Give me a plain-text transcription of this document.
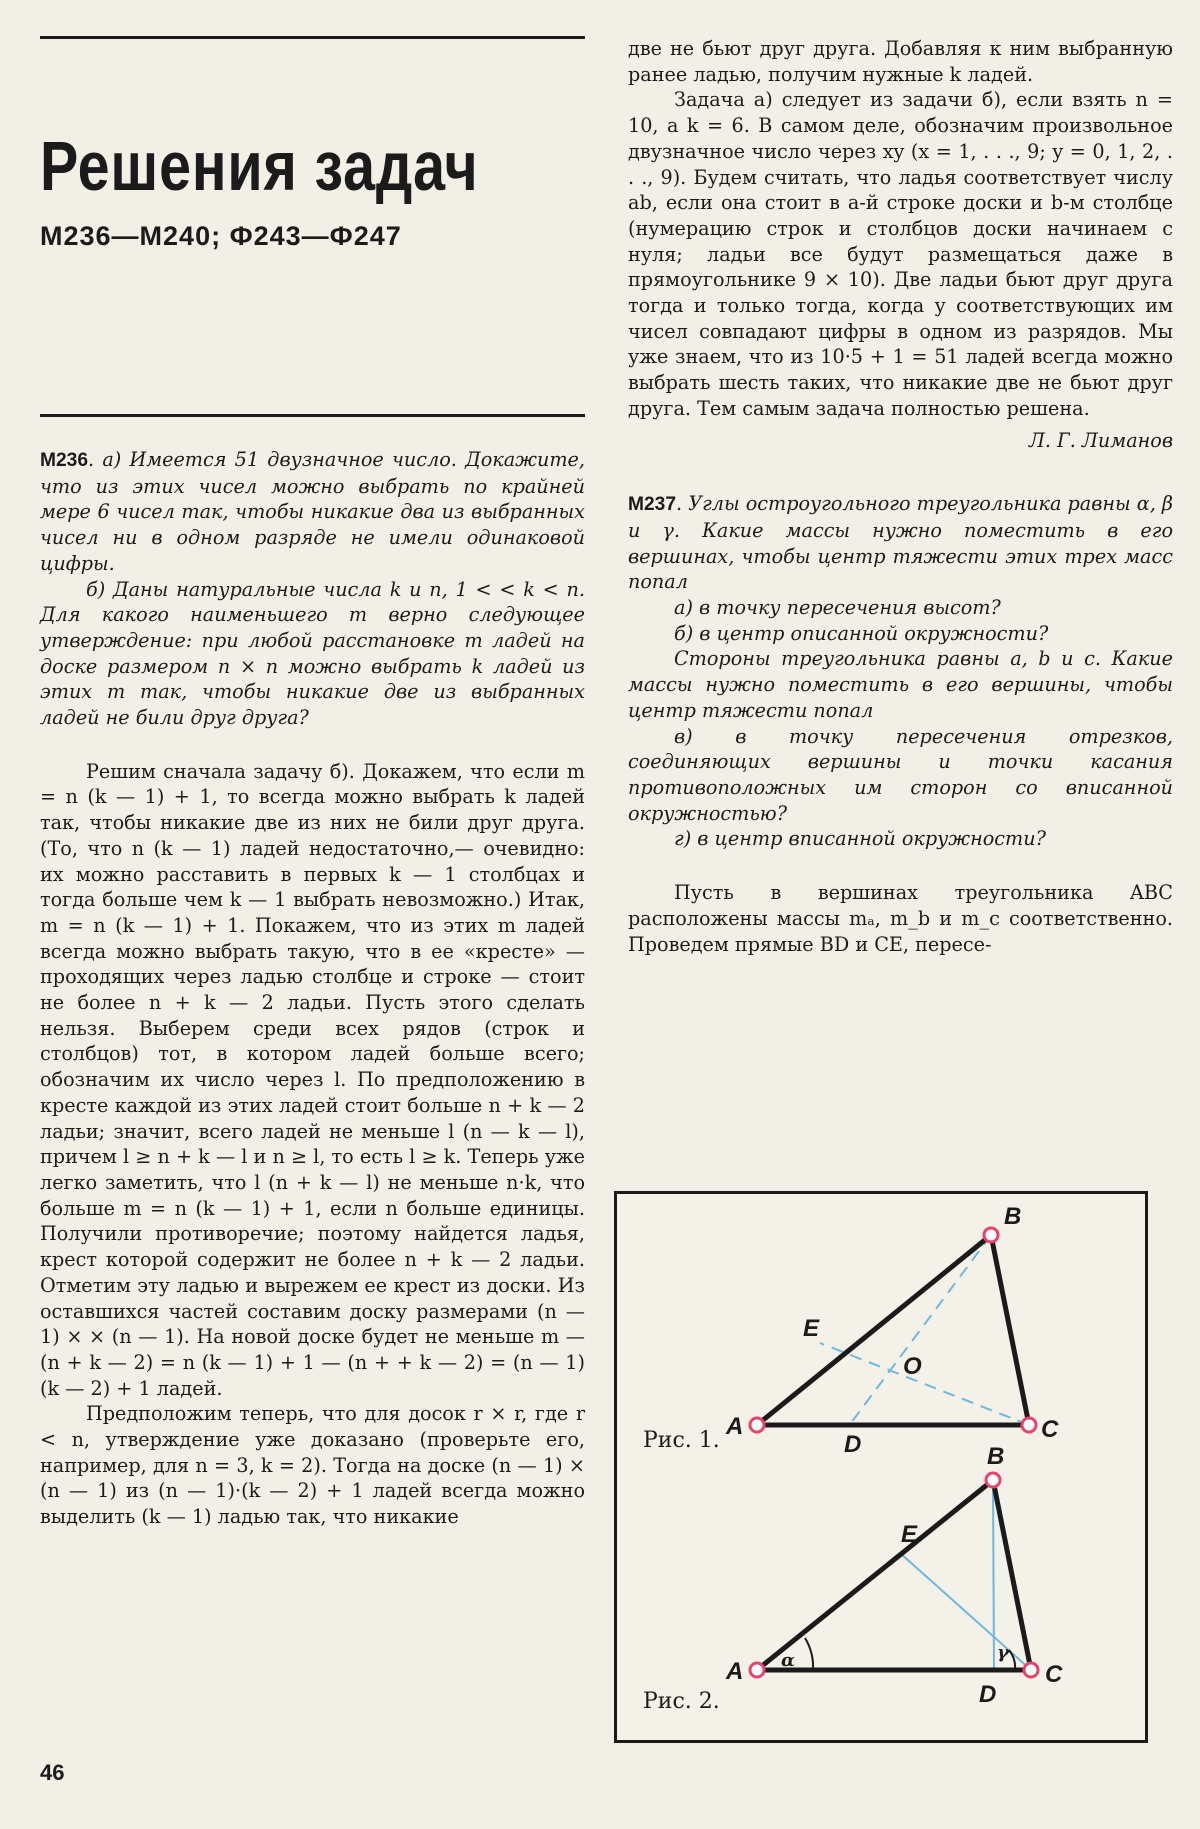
Решения задач
М236—М240; Ф243—Ф247

М236. а) Имеется 51 двузначное число. Докажите, что из этих чисел можно выбрать по крайней мере 6 чисел так, чтобы никакие два из выбранных чисел ни в одном разряде не имели одинаковой цифры.

б) Даны натуральные числа k и n, 1 < < k < n. Для какого наименьшего m верно следующее утверждение: при любой расстановке m ладей на доске размером n × n можно выбрать k ладей из этих m так, чтобы никакие две из выбранных ладей не били друг друга?

Решим сначала задачу б). Докажем, что если m = n (k — 1) + 1, то всегда можно выбрать k ладей так, чтобы никакие две из них не били друг друга. (То, что n (k — 1) ладей недостаточно,— очевидно: их можно расставить в первых k — 1 столбцах и тогда больше чем k — 1 выбрать невозможно.) Итак, m = n (k — 1) + 1. Покажем, что из этих m ладей всегда можно выбрать такую, что в ее «кресте» — проходящих через ладью столбце и строке — стоит не более n + k — 2 ладьи. Пусть этого сделать нельзя. Выберем среди всех рядов (строк и столбцов) тот, в котором ладей больше всего; обозначим их число через l. По предположению в кресте каждой из этих ладей стоит больше n + k — 2 ладьи; значит, всего ладей не меньше l (n — k — l), причем l ≥ n + k — l и n ≥ l, то есть l ≥ k. Теперь уже легко заметить, что l (n + k — l) не меньше n·k, что больше m = n (k — 1) + 1, если n больше единицы. Получили противоречие; поэтому найдется ладья, крест которой содержит не более n + k — 2 ладьи. Отметим эту ладью и вырежем ее крест из доски. Из оставшихся частей составим доску размерами (n — 1) × × (n — 1). На новой доске будет не меньше m — (n + k — 2) = n (k — 1) + 1 — (n + + k — 2) = (n — 1) (k — 2) + 1 ладей.

Предположим теперь, что для досок r × r, где r < n, утверждение уже доказано (проверьте его, например, для n = 3, k = 2). Тогда на доске (n — 1) × (n — 1) из (n — 1)·(k — 2) + 1 ладей всегда можно выделить (k — 1) ладью так, что никакие

две не бьют друг друга. Добавляя к ним выбранную ранее ладью, получим нужные k ладей.

Задача а) следует из задачи б), если взять n = 10, а k = 6. В самом деле, обозначим произвольное двузначное число через xy (x = 1, . . ., 9; y = 0, 1, 2, . . ., 9). Будем считать, что ладья соответствует числу ab, если она стоит в a-й строке доски и b-м столбце (нумерацию строк и столбцов доски начинаем с нуля; ладьи все будут размещаться даже в прямоугольнике 9 × 10). Две ладьи бьют друг друга тогда и только тогда, когда у соответствующих им чисел совпадают цифры в одном из разрядов. Мы уже знаем, что из 10·5 + 1 = 51 ладей всегда можно выбрать шесть таких, что никакие две не бьют друг друга. Тем самым задача полностью решена.

Л. Г. Лиманов

М237. Углы остроугольного треугольника равны α, β и γ. Какие массы нужно поместить в его вершинах, чтобы центр тяжести этих трех масс попал

а) в точку пересечения высот?

б) в центр описанной окружности?

Стороны треугольника равны a, b и c. Какие массы нужно поместить в его вершины, чтобы центр тяжести попал

в) в точку пересечения отрезков, соединяющих вершины и точки касания противоположных им сторон со вписанной окружностью?

г) в центр вписанной окружности?

Пусть в вершинах треугольника ABC расположены массы mₐ, m_b и m_c соответственно. Проведем прямые BD и CE, пересе-

A
B
C
D
E
O
A
B
C
D
E
α	γ
Рис. 1.
Рис. 2.
46
